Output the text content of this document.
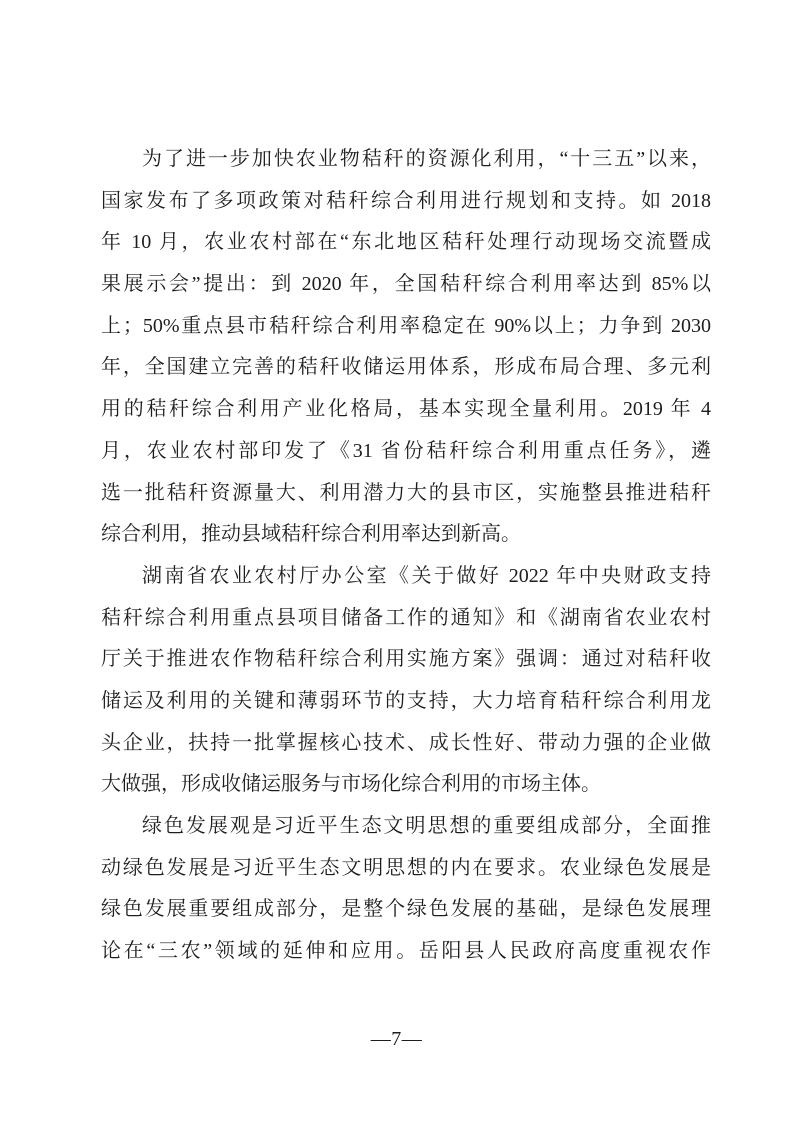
为了进一步加快农业物秸秆的资源化利用，“十三五”以来，

国家发布了多项政策对秸秆综合利用进行规划和支持。如 2018

年 10 月，农业农村部在“东北地区秸秆处理行动现场交流暨成

果展示会”提出：到 2020 年，全国秸秆综合利用率达到 85%以

上；50%重点县市秸秆综合利用率稳定在 90%以上；力争到 2030

年，全国建立完善的秸秆收储运用体系，形成布局合理、多元利

用的秸秆综合利用产业化格局，基本实现全量利用。2019 年 4

月，农业农村部印发了《31 省份秸秆综合利用重点任务》，遴

选一批秸秆资源量大、利用潜力大的县市区，实施整县推进秸秆

综合利用，推动县域秸秆综合利用率达到新高。

湖南省农业农村厅办公室《关于做好 2022 年中央财政支持

秸秆综合利用重点县项目储备工作的通知》和《湖南省农业农村

厅关于推进农作物秸秆综合利用实施方案》强调：通过对秸秆收

储运及利用的关键和薄弱环节的支持，大力培育秸秆综合利用龙

头企业，扶持一批掌握核心技术、成长性好、带动力强的企业做

大做强，形成收储运服务与市场化综合利用的市场主体。

绿色发展观是习近平生态文明思想的重要组成部分，全面推

动绿色发展是习近平生态文明思想的内在要求。农业绿色发展是

绿色发展重要组成部分，是整个绿色发展的基础，是绿色发展理

论在“三农”领域的延伸和应用。岳阳县人民政府高度重视农作

—7—
